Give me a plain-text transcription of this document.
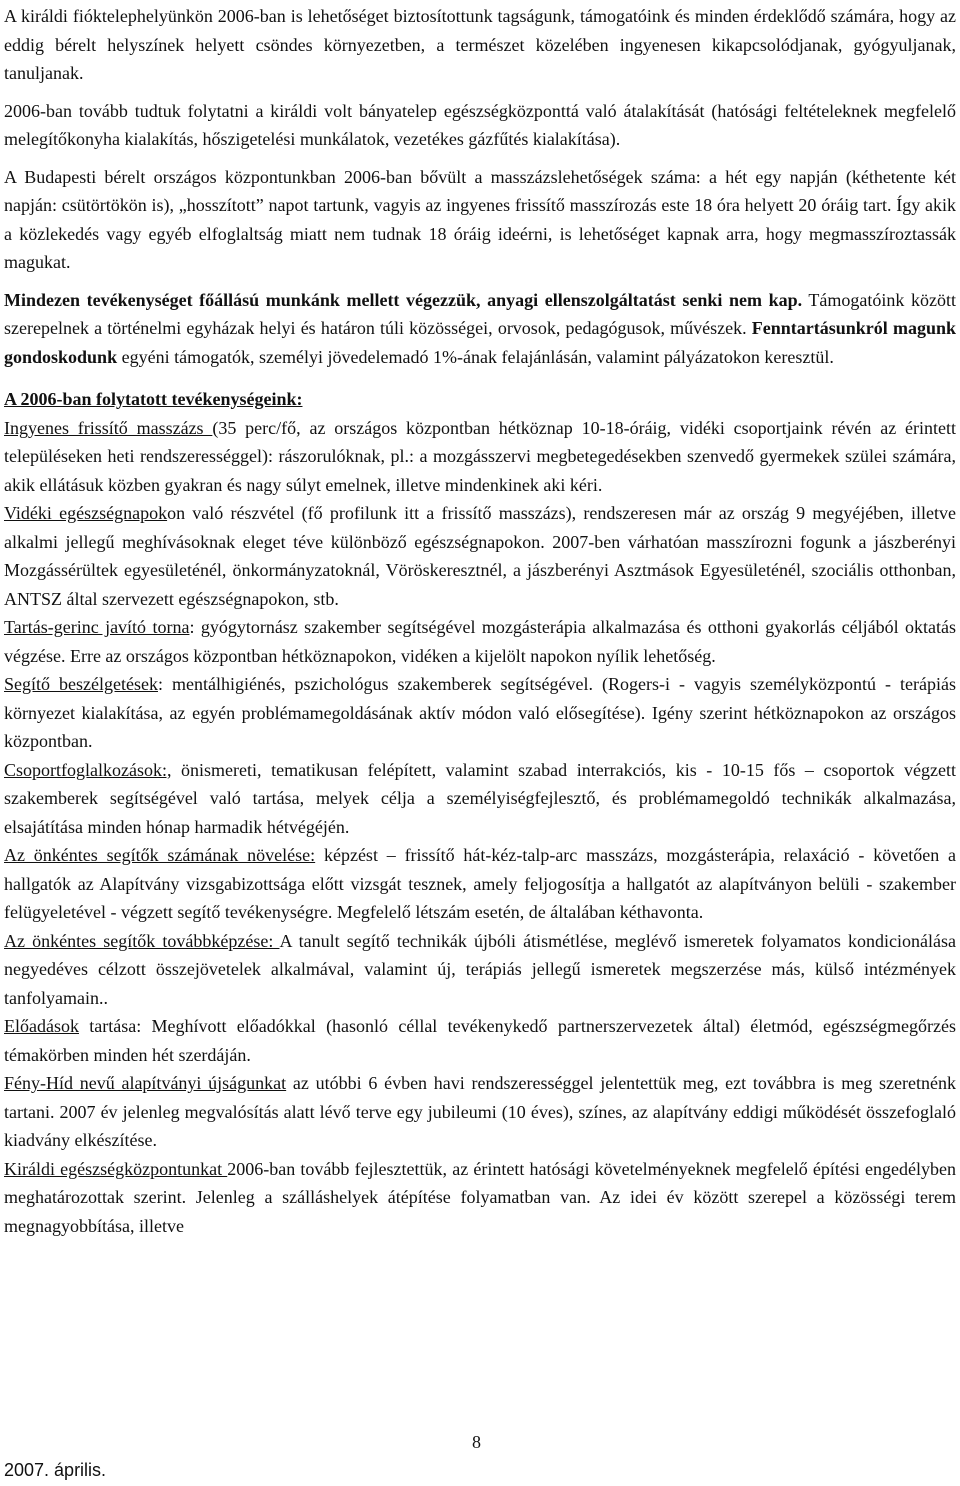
A királdi fióktelephelyünkön 2006-ban is lehetőséget biztosítottunk tagságunk, támogatóink és minden érdeklődő számára, hogy az eddig bérelt helyszínek helyett csöndes környezetben, a természet közelében ingyenesen kikapcsolódjanak, gyógyuljanak, tanuljanak.

2006-ban tovább tudtuk folytatni a királdi volt bányatelep egészségközponttá való átalakítását (hatósági feltételeknek megfelelő melegítőkonyha kialakítás, hőszigetelési munkálatok, vezetékes gázfűtés kialakítása).

A Budapesti bérelt országos központunkban 2006-ban bővült a masszázslehetőségek száma: a hét egy napján (kéthetente két napján: csütörtökön is), „hosszított” napot tartunk, vagyis az ingyenes frissítő masszírozás este 18 óra helyett 20 óráig tart. Így akik a közlekedés vagy egyéb elfoglaltság miatt nem tudnak 18 óráig ideérni, is lehetőséget kapnak arra, hogy megmasszíroztassák magukat.

Mindezen tevékenységet főállású munkánk mellett végezzük, anyagi ellenszolgáltatást senki nem kap. Támogatóink között szerepelnek a történelmi egyházak helyi és határon túli közösségei, orvosok, pedagógusok, művészek. Fenntartásunkról magunk gondoskodunk egyéni támogatók, személyi jövedelemadó 1%-ának felajánlásán, valamint pályázatokon keresztül.

A 2006-ban folytatott tevékenységeink:

Ingyenes frissítő masszázs (35 perc/fő, az országos központban hétköznap 10-18-óráig, vidéki csoportjaink révén az érintett településeken heti rendszerességgel): rászorulóknak, pl.: a mozgásszervi megbetegedésekben szenvedő gyermekek szülei számára, akik ellátásuk közben gyakran és nagy súlyt emelnek, illetve mindenkinek aki kéri.

Vidéki egészségnapokon való részvétel (fő profilunk itt a frissítő masszázs), rendszeresen már az ország 9 megyéjében, illetve alkalmi jellegű meghívásoknak eleget téve különböző egészségnapokon. 2007-ben várhatóan masszírozni fogunk a jászberényi Mozgássérültek egyesületénél, önkormányzatoknál, Vöröskeresztnél, a jászberényi Asztmások Egyesületénél, szociális otthonban, ANTSZ által szervezett egészségnapokon, stb.

Tartás-gerinc javító torna: gyógytornász szakember segítségével mozgásterápia alkalmazása és otthoni gyakorlás céljából oktatás végzése. Erre az országos központban hétköznapokon, vidéken a kijelölt napokon nyílik lehetőség.

Segítő beszélgetések: mentálhigiénés, pszichológus szakemberek segítségével. (Rogers-i - vagyis személyközpontú - terápiás környezet kialakítása, az egyén problémamegoldásának aktív módon való elősegítése). Igény szerint hétköznapokon az országos központban.

Csoportfoglalkozások:, önismereti, tematikusan felépített, valamint szabad interrakciós, kis - 10-15 fős – csoportok végzett szakemberek segítségével való tartása, melyek célja a személyiségfejlesztő, és problémamegoldó technikák alkalmazása, elsajátítása minden hónap harmadik hétvégéjén.

Az önkéntes segítők számának növelése: képzést – frissítő hát-kéz-talp-arc masszázs, mozgásterápia, relaxáció - követően a hallgatók az Alapítvány vizsgabizottsága előtt vizsgát tesznek, amely feljogosítja a hallgatót az alapítványon belüli - szakember felügyeletével - végzett segítő tevékenységre. Megfelelő létszám esetén, de általában kéthavonta.

Az önkéntes segítők továbbképzése: A tanult segítő technikák újbóli átismétlése, meglévő ismeretek folyamatos kondicionálása negyedéves célzott összejövetelek alkalmával, valamint új, terápiás jellegű ismeretek megszerzése más, külső intézmények tanfolyamain..

Előadások tartása: Meghívott előadókkal (hasonló céllal tevékenykedő partnerszervezetek által) életmód, egészségmegőrzés témakörben minden hét szerdáján.

Fény-Híd nevű alapítványi újságunkat az utóbbi 6 évben havi rendszerességgel jelentettük meg, ezt továbbra is meg szeretnénk tartani. 2007 év jelenleg megvalósítás alatt lévő terve egy jubileumi (10 éves), színes, az alapítvány eddigi működését összefoglaló kiadvány elkészítése.

Királdi egészségközpontunkat 2006-ban tovább fejlesztettük, az érintett hatósági követelményeknek megfelelő építési engedélyben meghatározottak szerint. Jelenleg a szálláshelyek átépítése folyamatban van. Az idei év között szerepel a közösségi terem megnagyobbítása, illetve

8
2007. április.
